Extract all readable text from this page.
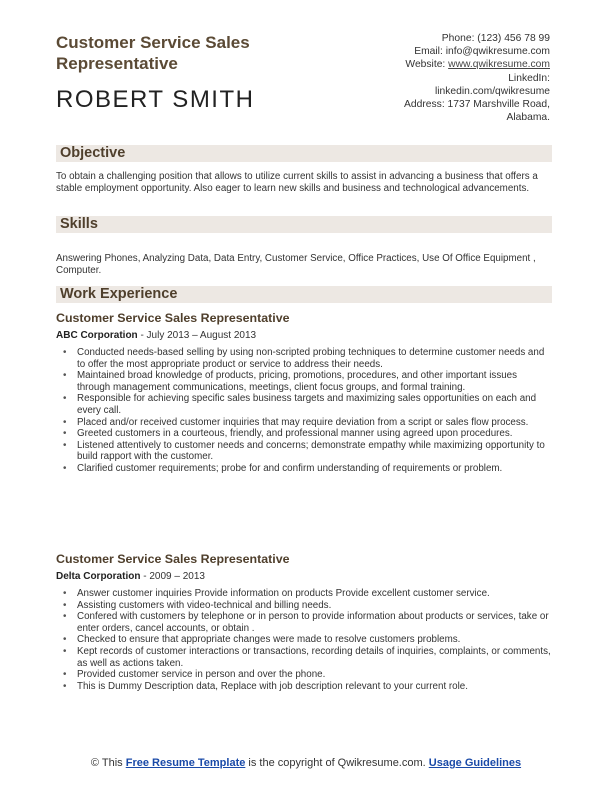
Customer Service Sales Representative
ROBERT SMITH
Phone: (123) 456 78 99
Email: info@qwikresume.com
Website: www.qwikresume.com
LinkedIn:
linkedin.com/qwikresume
Address: 1737 Marshville Road,
Alabama.
Objective
To obtain a challenging position that allows to utilize current skills to assist in advancing a business that offers a stable employment opportunity. Also eager to learn new skills and business and technological advancements.
Skills
Answering Phones, Analyzing Data, Data Entry, Customer Service, Office Practices, Use Of Office Equipment , Computer.
Work Experience
Customer Service Sales Representative
ABC Corporation - July 2013 – August 2013
• Conducted needs-based selling by using non-scripted probing techniques to determine customer needs and to offer the most appropriate product or service to address their needs.
• Maintained broad knowledge of products, pricing, promotions, procedures, and other important issues through management communications, meetings, client focus groups, and formal training.
• Responsible for achieving specific sales business targets and maximizing sales opportunities on each and every call.
• Placed and/or received customer inquiries that may require deviation from a script or sales flow process.
• Greeted customers in a courteous, friendly, and professional manner using agreed upon procedures.
• Listened attentively to customer needs and concerns; demonstrate empathy while maximizing opportunity to build rapport with the customer.
• Clarified customer requirements; probe for and confirm understanding of requirements or problem.
Customer Service Sales Representative
Delta Corporation - 2009 – 2013
• Answer customer inquiries Provide information on products Provide excellent customer service.
• Assisting customers with video-technical and billing needs.
• Confered with customers by telephone or in person to provide information about products or services, take or enter orders, cancel accounts, or obtain .
• Checked to ensure that appropriate changes were made to resolve customers problems.
• Kept records of customer interactions or transactions, recording details of inquiries, complaints, or comments, as well as actions taken.
• Provided customer service in person and over the phone.
• This is Dummy Description data, Replace with job description relevant to your current role.
© This Free Resume Template is the copyright of Qwikresume.com. Usage Guidelines
